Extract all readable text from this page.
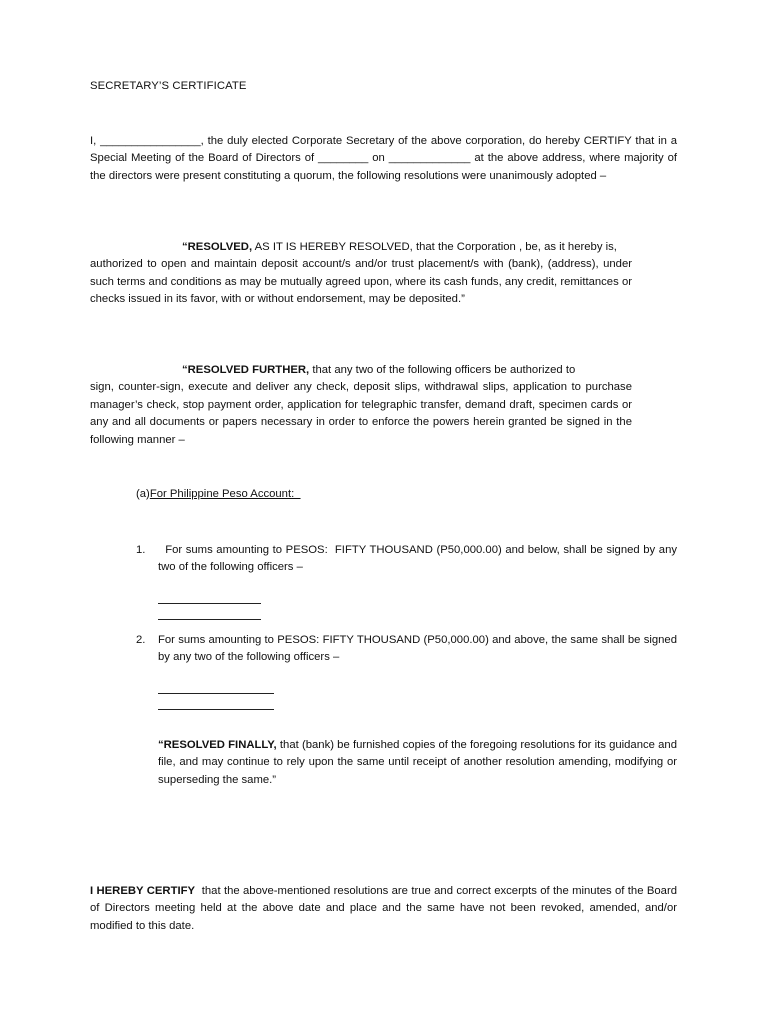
SECRETARY’S CERTIFICATE

I, ________________, the duly elected Corporate Secretary of the above corporation, do hereby CERTIFY that in a Special Meeting of the Board of Directors of ________ on _____________ at the above address, where majority of the directors were present constituting a quorum, the following resolutions were unanimously adopted –

“RESOLVED, AS IT IS HEREBY RESOLVED, that the Corporation , be, as it hereby is,
authorized to open and maintain deposit account/s and/or trust placement/s with (bank), (address), under such terms and conditions as may be mutually agreed upon, where its cash funds, any credit, remittances or checks issued in its favor, with or without endorsement, may be deposited.”

“RESOLVED FURTHER, that any two of the following officers be authorized to
sign, counter-sign, execute and deliver any check, deposit slips, withdrawal slips, application to purchase manager’s check, stop payment order, application for telegraphic transfer, demand draft, specimen cards or any and all documents or papers necessary in order to enforce the powers herein granted be signed in the following manner –

(a)For Philippine Peso Account:

1. For sums amounting to PESOS:  FIFTY THOUSAND (P50,000.00) and below, shall be signed by any two of the following officers –
2. For sums amounting to PESOS: FIFTY THOUSAND (P50,000.00) and above, the same shall be signed by any two of the following officers –

“RESOLVED FINALLY, that (bank) be furnished copies of the foregoing resolutions for its guidance and file, and may continue to rely upon the same until receipt of another resolution amending, modifying or superseding the same.”

I HEREBY CERTIFY  that the above-mentioned resolutions are true and correct excerpts of the minutes of the Board of Directors meeting held at the above date and place and the same have not been revoked, amended, and/or modified to this date.
